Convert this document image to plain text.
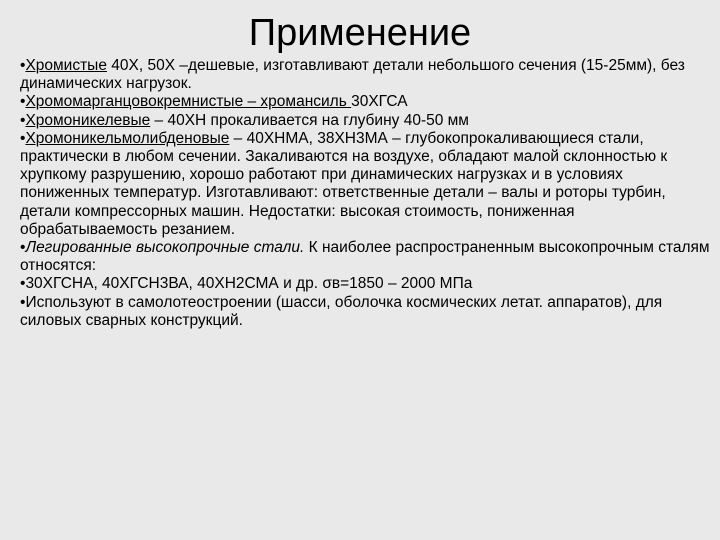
Применение

•Хромистые 40Х, 50Х –дешевые, изготавливают детали небольшого сечения (15-25мм), без динамических нагрузок.

•Хромомарганцовокремнистые – хромансиль 30ХГСА

•Хромоникелевые – 40ХН прокаливается на глубину 40-50 мм

•Хромоникельмолибденовые – 40ХНМА, 38ХН3МА – глубокопрокаливающиеся стали, практически в любом сечении. Закаливаются на воздухе, обладают малой склонностью к хрупкому разрушению, хорошо работают при динамических нагрузках и в условиях пониженных температур. Изготавливают: ответственные детали – валы и роторы турбин, детали компрессорных машин. Недостатки: высокая стоимость, пониженная обрабатываемость резанием.

•Легированные высокопрочные стали. К наиболее распространенным высокопрочным сталям относятся:

•30ХГСНА, 40ХГСН3ВА, 40ХН2СМА и др. σв=1850 – 2000 МПа

•Используют в самолотеостроении (шасси, оболочка космических летат. аппаратов), для силовых сварных конструкций.
